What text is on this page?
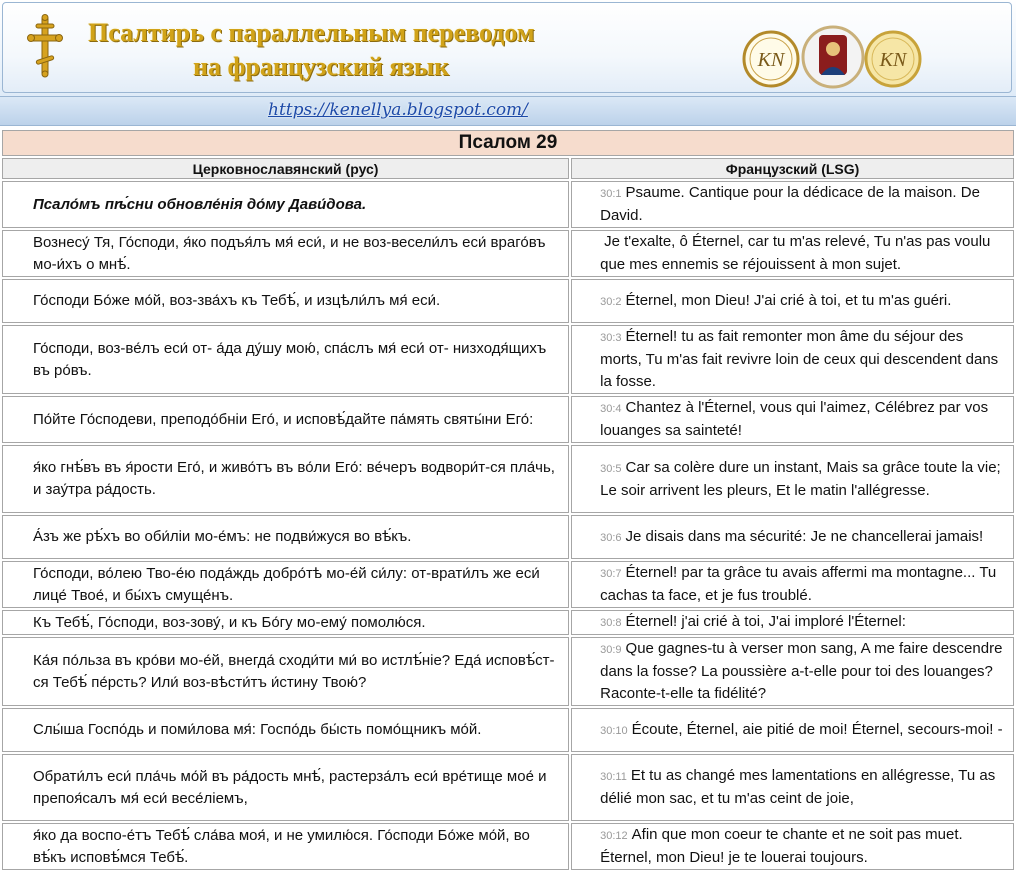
Псалтирь с параллельным переводом
на французский язык	KN	KN
https://kenellya.blogspot.com/
Псалом 29	
Церковнославянский (рус)	Французский (LSG)
Псало́мъ пѣ́сни обновле́нія до́му Дави́дова.	30:1 Psaume. Cantique pour la dédicace de la maison. De David.
Вознесу́ Тя, Го́споди, я́ко подъя́лъ мя́ еси́, и не воз-весели́лъ еси́ враго́въ мо-и́хъ о мнѣ́.	Je t'exalte, ô Éternel, car tu m'as relevé, Tu n'as pas voulu que mes ennemis se réjouissent à mon sujet.
Го́споди Бо́же мо́й, воз-зва́хъ къ Тебѣ́, и изцѣли́лъ мя́ еси́.	30:2 Éternel, mon Dieu! J'ai crié à toi, et tu m'as guéri.
Го́споди, воз-ве́лъ еси́ от- а́да ду́шу мою́, спа́слъ мя́ еси́ от- низходя́щихъ въ ро́въ.	30:3 Éternel! tu as fait remonter mon âme du séjour des morts, Tu m'as fait revivre loin de ceux qui descendent dans la fosse.
По́йте Го́сподеви, преподо́бніи Его́, и исповѣ́дайте па́мять святы́ни Его́:	30:4 Chantez à l'Éternel, vous qui l'aimez, Célébrez par vos louanges sa sainteté!
я́ко гнѣ́въ въ я́рости Его́, и живо́тъ въ во́ли Его́: ве́черъ водвори́т-ся пла́чь, и зау́тра ра́дость.	30:5 Car sa colère dure un instant, Mais sa grâce toute la vie; Le soir arrivent les pleurs, Et le matin l'allégresse.
А́зъ же рѣ́хъ во оби́ліи мо-е́мъ: не подви́жуся во вѣ́къ.	30:6 Je disais dans ma sécurité: Je ne chancellerai jamais!
Го́споди, во́лею Тво-е́ю пода́ждь добро́тѣ мо-е́й си́лу: от-врати́лъ же еси́ лице́ Твое́, и бы́хъ смуще́нъ.	30:7 Éternel! par ta grâce tu avais affermi ma montagne... Tu cachas ta face, et je fus troublé.
Къ Тебѣ́, Го́споди, воз-зову́, и къ Бо́гу мо-ему́ помолю́ся.	30:8 Éternel! j'ai crié à toi, J'ai imploré l'Éternel:
Ка́я по́льза въ кро́ви мо-е́й, внегда́ сходи́ти ми́ во истлѣ́ніе? Еда́ исповѣ́ст-ся Тебѣ́ пе́рсть? Или́ воз-вѣсти́тъ и́стину Твою́?	30:9 Que gagnes-tu à verser mon sang, A me faire descendre dans la fosse? La poussière a-t-elle pour toi des louanges? Raconte-t-elle ta fidélité?
Слы́ша Госпо́дь и поми́лова мя́: Госпо́дь бы́сть помо́щникъ мо́й.	30:10 Écoute, Éternel, aie pitié de moi! Éternel, secours-moi! -
Обрати́лъ еси́ пла́чь мо́й въ ра́дость мнѣ́, растерза́лъ еси́ вре́тище мое́ и препоя́салъ мя́ еси́ весе́ліемъ,	30:11 Et tu as changé mes lamentations en allégresse, Tu as délié mon sac, et tu m'as ceint de joie,
я́ко да воспо-е́тъ Тебѣ́ сла́ва моя́, и не умилю́ся. Го́споди Бо́же мо́й, во вѣ́къ исповѣ́мся Тебѣ́.	30:12 Afin que mon coeur te chante et ne soit pas muet. Éternel, mon Dieu! je te louerai toujours.
